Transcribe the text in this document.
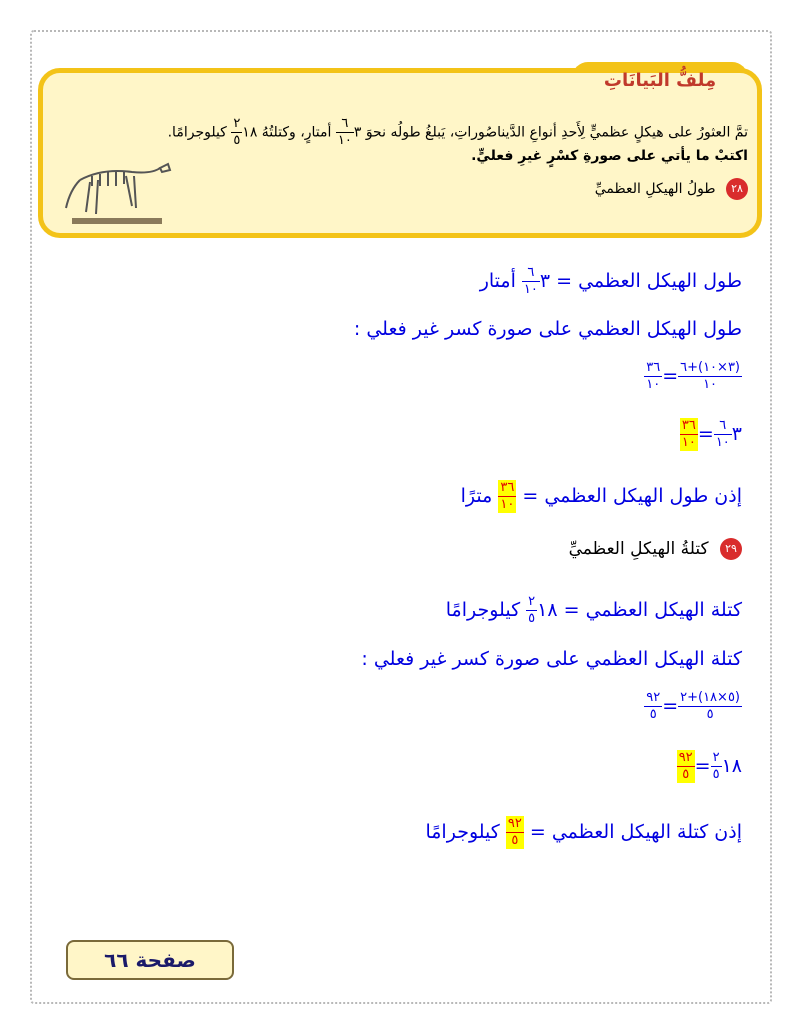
مِلفُّ البَيانَاتِ
تمَّ العثورُ على هيكلٍ عظميٍّ لِأَحدِ أنواعِ الدَّيناصُوراتِ، يَبلغُ طولُه نحوَ ٣
$\frac{٦}{١٠}$
أمتارٍ، وكتلتُهُ ١٨
$\frac{٢}{٥}$
كيلوجرامًا.
اكتبْ ما يأتي على صورةِ كسْرٍ غيرِ فعليٍّ.
٢٨ طولُ الهيكلِ العظميِّ
طول الهيكل العظمي = ٣
$\frac{٦}{١٠}$
أمتار
طول الهيكل العظمي على صورة كسر غير فعلي :
$\frac{(٣\times ١٠)+٦}{١٠}$
=
$\frac{٣٦}{١٠}$
٣
$\frac{٦}{١٠}$
=
$\frac{٣٦}{١٠}$
إذن طول الهيكل العظمي =
$\frac{٣٦}{١٠}$
مترًا
٢٩ كتلةُ الهيكلِ العظميِّ
كتلة الهيكل العظمي = ١٨
$\frac{٢}{٥}$
كيلوجرامًا
كتلة الهيكل العظمي على صورة كسر غير فعلي :
$\frac{(٥\times ١٨)+٢}{٥}$
=
$\frac{٩٢}{٥}$
١٨
$\frac{٢}{٥}$
=
$\frac{٩٢}{٥}$
إذن كتلة الهيكل العظمي =
$\frac{٩٢}{٥}$
كيلوجرامًا
صفحة ٦٦
